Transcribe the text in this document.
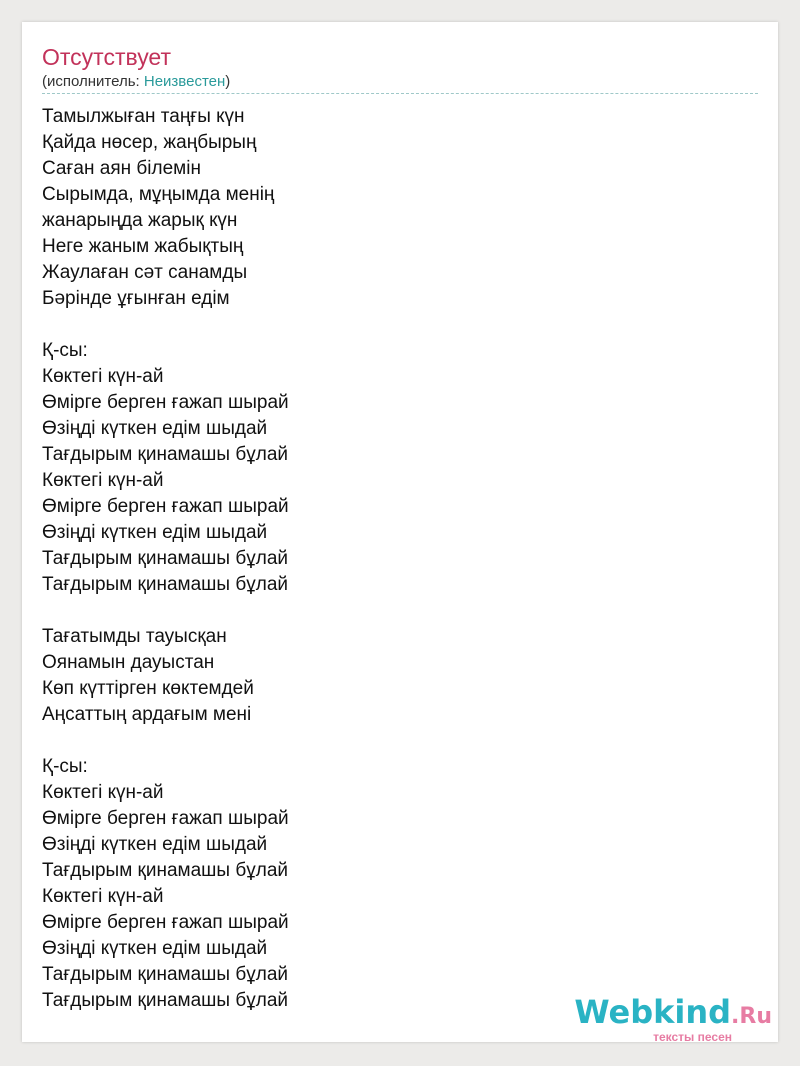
Отсутствует
(исполнитель: Неизвестен)
Тамылжыған таңғы күн
Қайда нөсер, жаңбырың
Саған аян білемін
Сырымда, мұңымда менің
жанарыңда жарық күн
Неге жаным жабықтың
Жаулаған сәт санамды
Бәрінде ұғынған едім
Қ-сы:
Көктегі күн-ай
Өмірге берген ғажап шырай
Өзіңді күткен едім шыдай
Тағдырым қинамашы бұлай
Көктегі күн-ай
Өмірге берген ғажап шырай
Өзіңді күткен едім шыдай
Тағдырым қинамашы бұлай
Тағдырым қинамашы бұлай
Тағатымды тауысқан
Оянамын дауыстан
Көп күттірген көктемдей
Аңсаттың ардағым мені
Қ-сы:
Көктегі күн-ай
Өмірге берген ғажап шырай
Өзіңді күткен едім шыдай
Тағдырым қинамашы бұлай
Көктегі күн-ай
Өмірге берген ғажап шырай
Өзіңді күткен едім шыдай
Тағдырым қинамашы бұлай
Тағдырым қинамашы бұлай	Webkind.Ru
тексты песен
